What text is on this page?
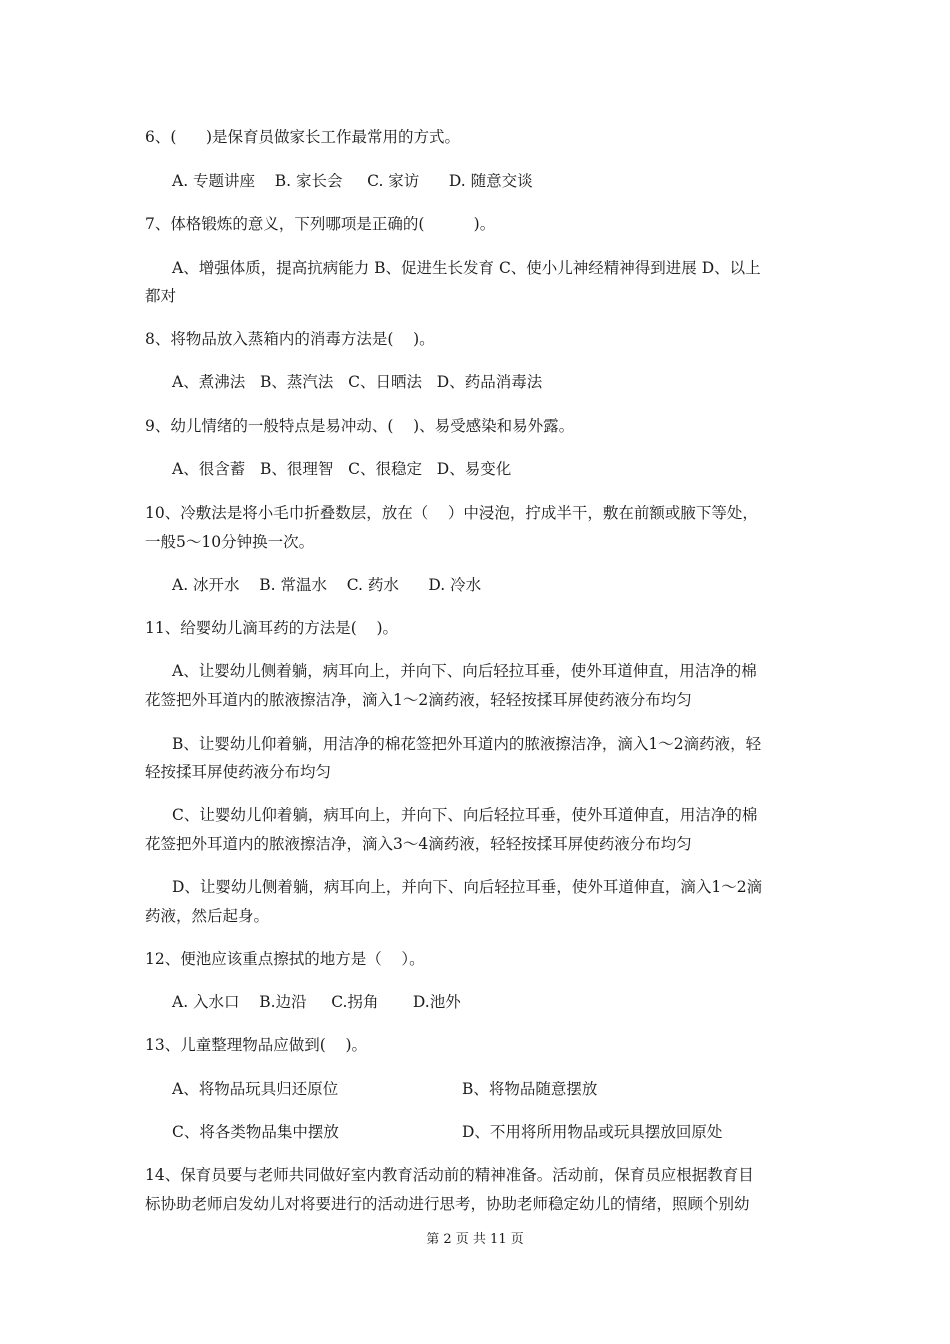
6、(      )是保育员做家长工作最常用的方式。
A. 专题讲座    B. 家长会     C. 家访      D. 随意交谈
7、体格锻炼的意义，下列哪项是正确的(          )。
A、增强体质，提高抗病能力 B、促进生长发育 C、使小儿神经精神得到进展 D、以上
都对
8、将物品放入蒸箱内的消毒方法是(    )。
A、煮沸法   B、蒸汽法   C、日晒法   D、药品消毒法
9、幼儿情绪的一般特点是易冲动、(    )、易受感染和易外露。
A、很含蓄   B、很理智   C、很稳定   D、易变化
10、冷敷法是将小毛巾折叠数层，放在（    ）中浸泡，拧成半干，敷在前额或腋下等处，
一般5～10分钟换一次。
A. 冰开水    B. 常温水    C. 药水      D. 冷水
11、给婴幼儿滴耳药的方法是(    )。
A、让婴幼儿侧着躺，病耳向上，并向下、向后轻拉耳垂，使外耳道伸直，用洁净的棉
花签把外耳道内的脓液擦洁净，滴入1～2滴药液，轻轻按揉耳屏使药液分布均匀
B、让婴幼儿仰着躺，用洁净的棉花签把外耳道内的脓液擦洁净，滴入1～2滴药液，轻
轻按揉耳屏使药液分布均匀
C、让婴幼儿仰着躺，病耳向上，并向下、向后轻拉耳垂，使外耳道伸直，用洁净的棉
花签把外耳道内的脓液擦洁净，滴入3～4滴药液，轻轻按揉耳屏使药液分布均匀
D、让婴幼儿侧着躺，病耳向上，并向下、向后轻拉耳垂，使外耳道伸直，滴入1～2滴
药液，然后起身。
12、便池应该重点擦拭的地方是（    ）。
A. 入水口    B.边沿     C.拐角       D.池外
13、儿童整理物品应做到(    )。
A、将物品玩具归还原位	B、将物品随意摆放
C、将各类物品集中摆放	D、不用将所用物品或玩具摆放回原处
14、保育员要与老师共同做好室内教育活动前的精神准备。活动前，保育员应根据教育目
标协助老师启发幼儿对将要进行的活动进行思考，协助老师稳定幼儿的情绪，照顾个别幼
第 2 页 共 11 页
